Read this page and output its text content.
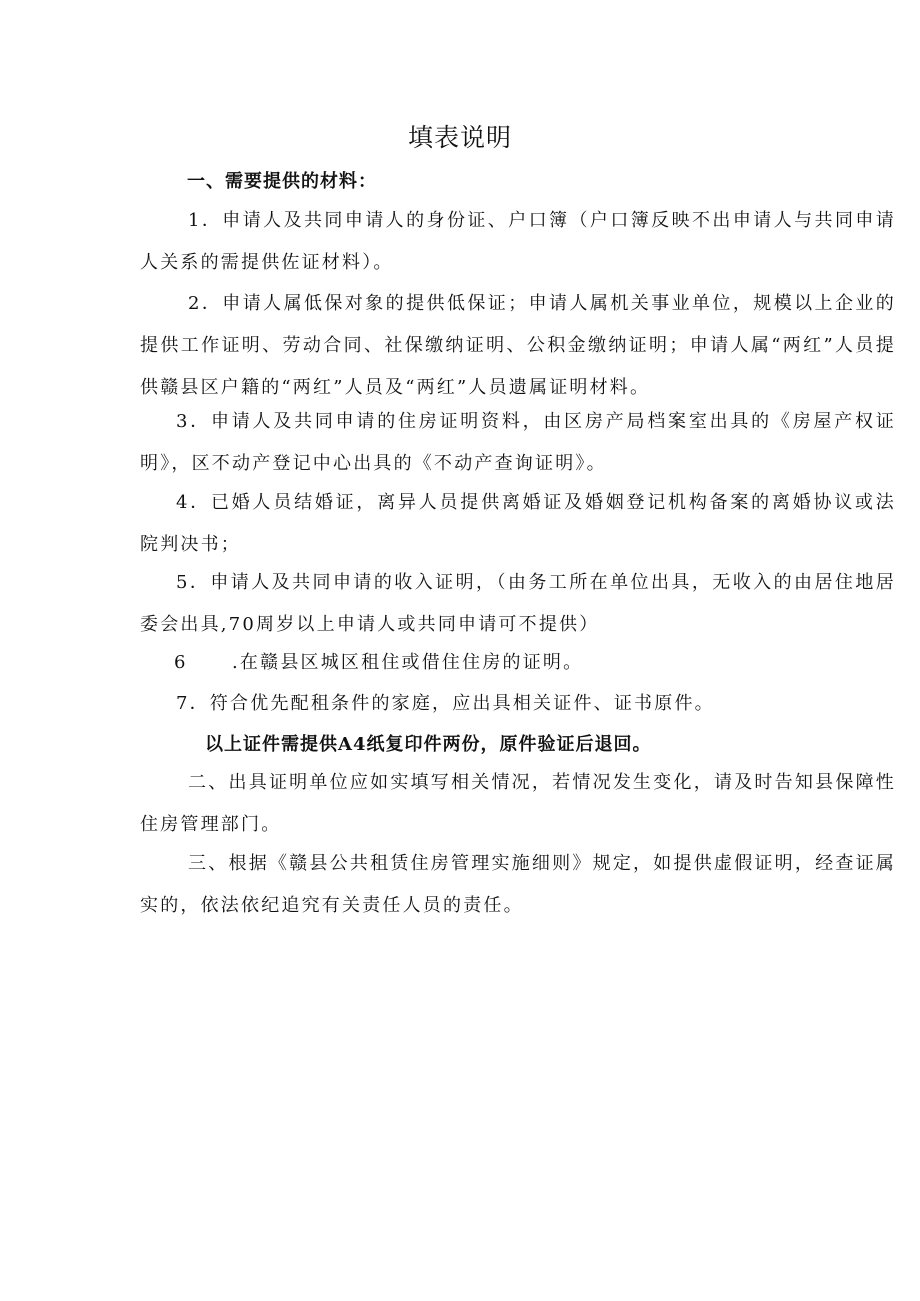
填表说明
一、需要提供的材料：

1．申请人及共同申请人的身份证、户口簿（户口簿反映不出申请人与共同申请人关系的需提供佐证材料）。

2．申请人属低保对象的提供低保证；申请人属机关事业单位，规模以上企业的提供工作证明、劳动合同、社保缴纳证明、公积金缴纳证明；申请人属“两红”人员提供赣县区户籍的“两红”人员及“两红”人员遗属证明材料。

3．申请人及共同申请的住房证明资料，由区房产局档案室出具的《房屋产权证明》，区不动产登记中心出具的《不动产查询证明》。

4．已婚人员结婚证，离异人员提供离婚证及婚姻登记机构备案的离婚协议或法院判决书；

5．申请人及共同申请的收入证明，（由务工所在单位出具，无收入的由居住地居委会出具,70周岁以上申请人或共同申请可不提供）

6 .在赣县区城区租住或借住住房的证明。

7．符合优先配租条件的家庭，应出具相关证件、证书原件。

以上证件需提供A4纸复印件两份，原件验证后退回。

二、出具证明单位应如实填写相关情况，若情况发生变化，请及时告知县保障性住房管理部门。

三、根据《赣县公共租赁住房管理实施细则》规定，如提供虚假证明，经查证属实的，依法依纪追究有关责任人员的责任。
